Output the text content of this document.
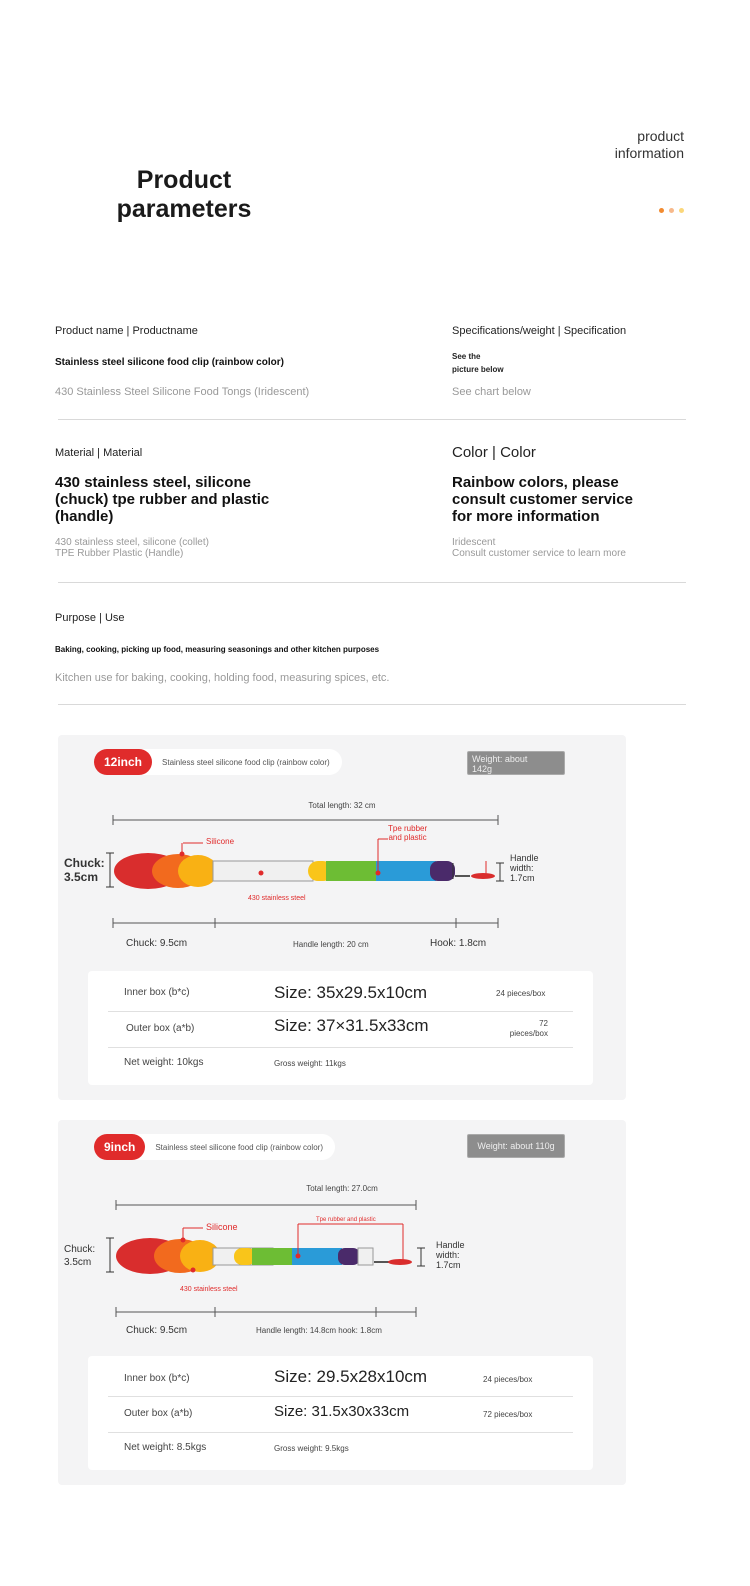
Product
parameters
product
information
Product name | Productname
Stainless steel silicone food clip (rainbow color)
430 Stainless Steel Silicone Food Tongs (Iridescent)
Specifications/weight | Specification
See the
picture below
See chart below
Material | Material
430 stainless steel, silicone
(chuck) tpe rubber and plastic
(handle)
430 stainless steel, silicone (collet)
TPE Rubber Plastic (Handle)
Color | Color
Rainbow colors, please
consult customer service
for more information
Iridescent
Consult customer service to learn more
Purpose | Use
Baking, cooking, picking up food, measuring seasonings and other kitchen purposes
Kitchen use for baking, cooking, holding food, measuring spices, etc.
12inch	Stainless steel silicone food clip (rainbow color)	Weight: about
142g
Total length: 32 cm
Silicone
Tpe rubber
and plastic
430 stainless steel
Chuck:
3.5cm
Handle
width:
1.7cm
Chuck: 9.5cm	Handle length: 20 cm	Hook: 1.8cm
Inner box (b*c)	Size: 35x29.5x10cm	24 pieces/box
Outer box (a*b)	Size: 37×31.5x33cm	72
pieces/box
Net weight: 10kgs	Gross weight: 11kgs
9inch	Stainless steel silicone food clip (rainbow color)	Weight: about 110g
Total length: 27.0cm
Silicone
Tpe rubber and plastic
430 stainless steel
Chuck:
3.5cm
Handle
width:
1.7cm
Chuck: 9.5cm	Handle length: 14.8cm hook: 1.8cm
Inner box (b*c)	Size: 29.5x28x10cm	24 pieces/box
Outer box (a*b)	Size: 31.5x30x33cm	72 pieces/box
Net weight: 8.5kgs	Gross weight: 9.5kgs
